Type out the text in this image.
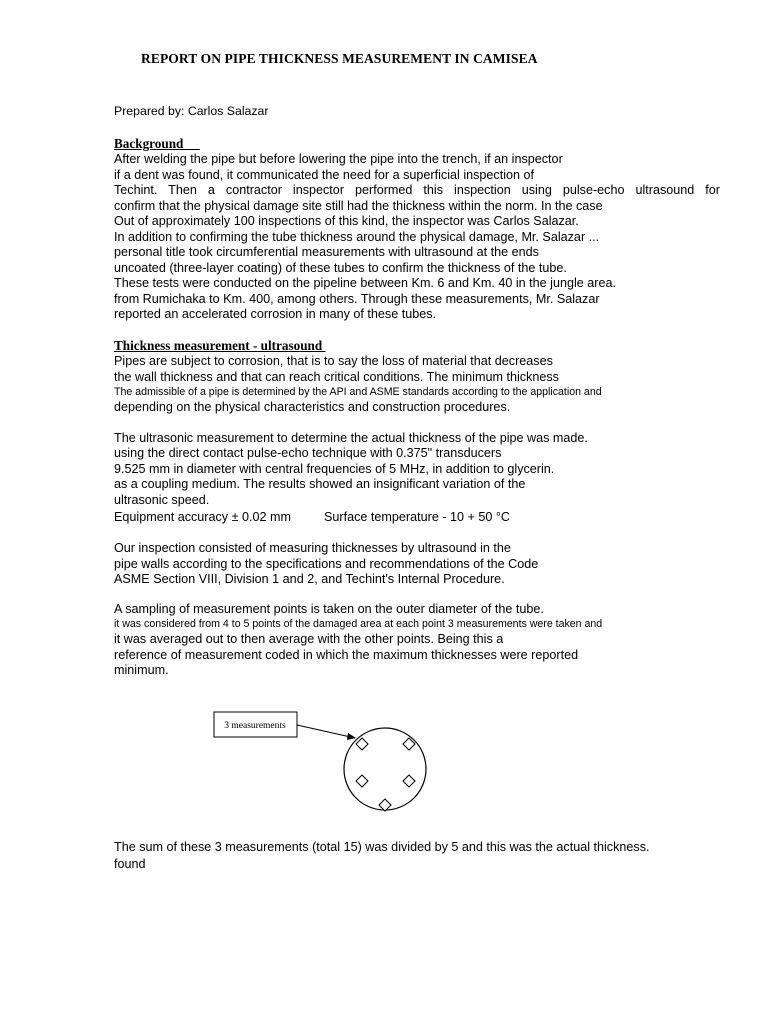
REPORT ON PIPE THICKNESS MEASUREMENT IN CAMISEA
Prepared by: Carlos Salazar
Background
After welding the pipe but before lowering the pipe into the trench, if an inspector
if a dent was found, it communicated the need for a superficial inspection of
Techint. Then a contractor inspector performed this inspection using pulse-echo ultrasound for
confirm that the physical damage site still had the thickness within the norm. In the case
Out of approximately 100 inspections of this kind, the inspector was Carlos Salazar.
In addition to confirming the tube thickness around the physical damage, Mr. Salazar ...
personal title took circumferential measurements with ultrasound at the ends
uncoated (three-layer coating) of these tubes to confirm the thickness of the tube.
These tests were conducted on the pipeline between Km. 6 and Km. 40 in the jungle area.
from Rumichaka to Km. 400, among others. Through these measurements, Mr. Salazar
reported an accelerated corrosion in many of these tubes.
Thickness measurement - ultrasound
Pipes are subject to corrosion, that is to say the loss of material that decreases
the wall thickness and that can reach critical conditions. The minimum thickness
The admissible of a pipe is determined by the API and ASME standards according to the application and
depending on the physical characteristics and construction procedures.
The ultrasonic measurement to determine the actual thickness of the pipe was made.
using the direct contact pulse-echo technique with 0.375" transducers
9.525 mm in diameter with central frequencies of 5 MHz, in addition to glycerin.
as a coupling medium. The results showed an insignificant variation of the
ultrasonic speed.
Equipment accuracy ± 0.02 mm	Surface temperature - 10 + 50 °C
Our inspection consisted of measuring thicknesses by ultrasound in the
pipe walls according to the specifications and recommendations of the Code
ASME Section VIII, Division 1 and 2, and Techint's Internal Procedure.
A sampling of measurement points is taken on the outer diameter of the tube.
it was considered from 4 to 5 points of the damaged area at each point 3 measurements were taken and
it was averaged out to then average with the other points. Being this a
reference of measurement coded in which the maximum thicknesses were reported
minimum.
3 measurements
The sum of these 3 measurements (total 15) was divided by 5 and this was the actual thickness.
found
